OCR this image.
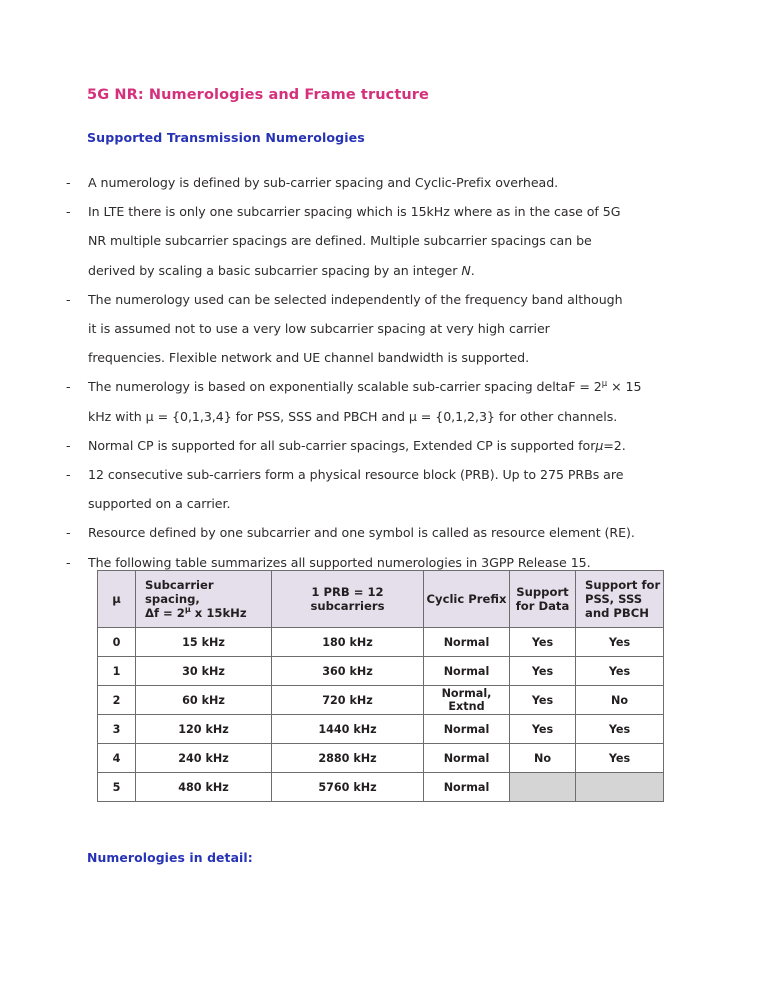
5G NR: Numerologies and Frame tructure
Supported Transmission Numerologies
- A numerology is defined by sub-carrier spacing and Cyclic-Prefix overhead.
- In LTE there is only one subcarrier spacing which is 15kHz where as in the case of 5G
NR multiple subcarrier spacings are defined. Multiple subcarrier spacings can be
derived by scaling a basic subcarrier spacing by an integer N.
- The numerology used can be selected independently of the frequency band although
it is assumed not to use a very low subcarrier spacing at very high carrier
frequencies. Flexible network and UE channel bandwidth is supported.
- The numerology is based on exponentially scalable sub-carrier spacing deltaF = $2^\mu \times 15$
kHz with µ = {0,1,3,4} for PSS, SSS and PBCH and µ = {0,1,2,3} for other channels.
- Normal CP is supported for all sub-carrier spacings, Extended CP is supported forµ=2.
- 12 consecutive sub-carriers form a physical resource block (PRB). Up to 275 PRBs are
supported on a carrier.
- Resource defined by one subcarrier and one symbol is called as resource element (RE).
- The following table summarizes all supported numerologies in 3GPP Release 15.
µ	Subcarrier spacing,
$\Delta f = 2^\mu$ x 15kHz	1 PRB = 12
subcarriers	Cyclic Prefix	Support
for Data	Support for
PSS, SSS
and PBCH
0	15 kHz	180 kHz	Normal	Yes	Yes
1	30 kHz	360 kHz	Normal	Yes	Yes
2	60 kHz	720 kHz	Normal, Extnd	Yes	No
3	120 kHz	1440 kHz	Normal	Yes	Yes
4	240 kHz	2880 kHz	Normal	No	Yes
5	480 kHz	5760 kHz	Normal		
Numerologies in detail:
